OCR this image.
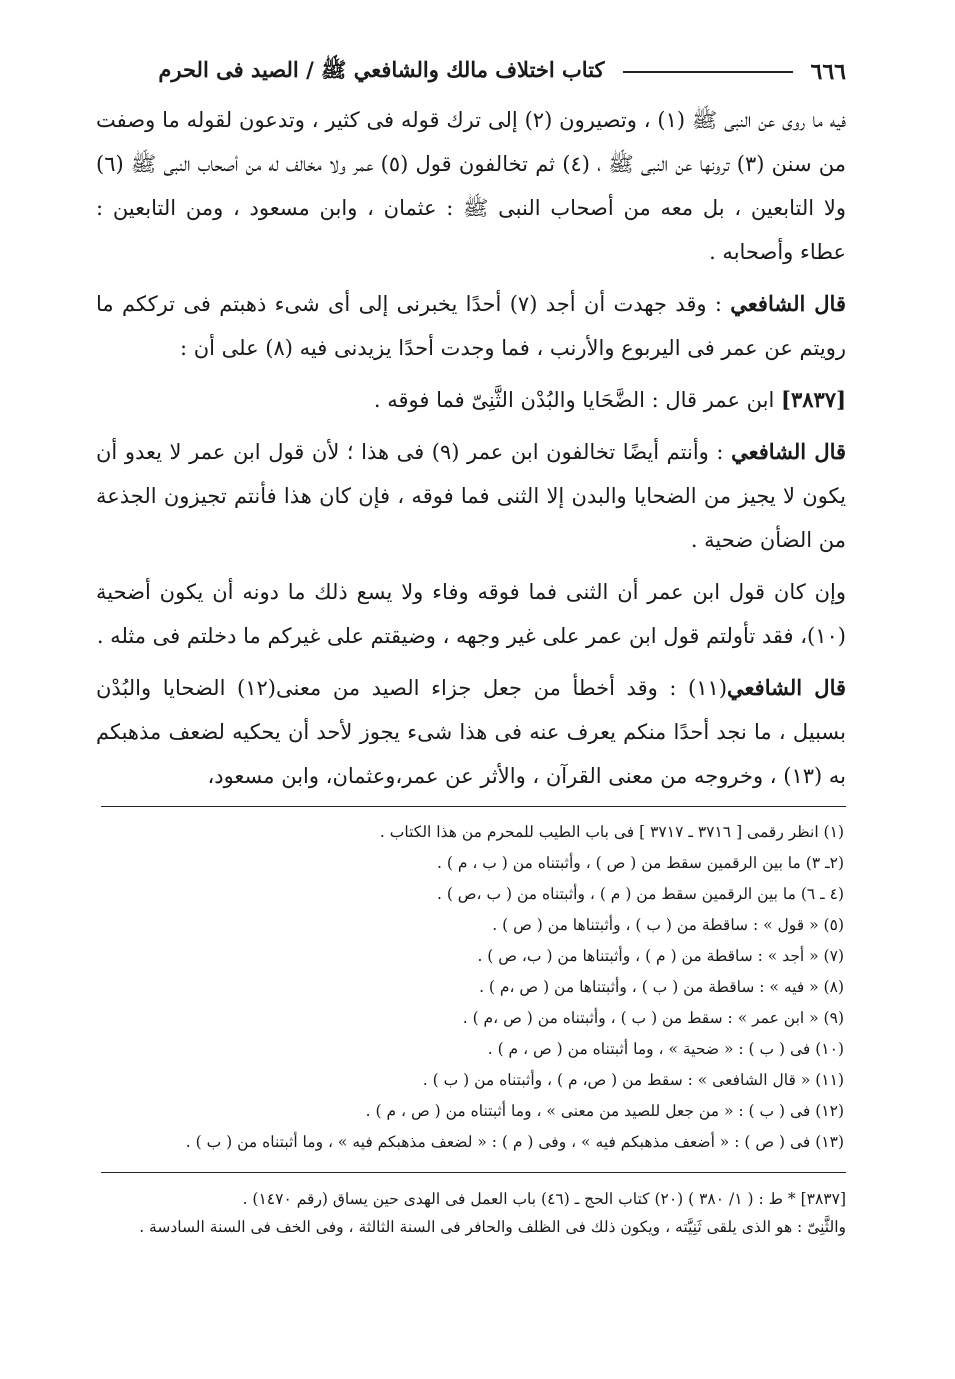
٦٦٦
كتاب اختلاف مالك والشافعي ﷺ / الصيد فى الحرم

فيه ما روى عن النبى ﷺ (١) ، وتصيرون (٢) إلى ترك قوله فى كثير ، وتدعون لقوله ما وصفت من سنن (٣) ترونها عن النبى ﷺ ، (٤) ثم تخالفون قول (٥) عمر ولا مخالف له من أصحاب النبى ﷺ (٦) ولا التابعين ، بل معه من أصحاب النبى ﷺ : عثمان ، وابن مسعود ، ومن التابعين : عطاء وأصحابه .

قال الشافعي : وقد جهدت أن أجد (٧) أحدًا يخبرنى إلى أى شىء ذهبتم فى ترككم ما رويتم عن عمر فى اليربوع والأرنب ، فما وجدت أحدًا يزيدنى فيه (٨) على أن :

[٣٨٣٧] ابن عمر قال : الضَّحَايا والبُدْن الثَّنِىّ فما فوقه .

قال الشافعي : وأنتم أيضًا تخالفون ابن عمر (٩) فى هذا ؛ لأن قول ابن عمر لا يعدو أن يكون لا يجيز من الضحايا والبدن إلا الثنى فما فوقه ، فإن كان هذا فأنتم تجيزون الجذعة من الضأن ضحية .

وإن كان قول ابن عمر أن الثنى فما فوقه وفاء ولا يسع ذلك ما دونه أن يكون أضحية (١٠)، فقد تأولتم قول ابن عمر على غير وجهه ، وضيقتم على غيركم ما دخلتم فى مثله .

قال الشافعي(١١) : وقد أخطأ من جعل جزاء الصيد من معنى(١٢) الضحايا والبُدْن بسبيل ، ما نجد أحدًا منكم يعرف عنه فى هذا شىء يجوز لأحد أن يحكيه لضعف مذهبكم به (١٣) ، وخروجه من معنى القرآن ، والأثر عن عمر،وعثمان، وابن مسعود،

(١) انظر رقمى [ ٣٧١٦ ـ ٣٧١٧ ] فى باب الطيب للمحرم من هذا الكتاب .
(٢ـ ٣) ما بين الرقمين سقط من ( ص ) ، وأثبتناه من ( ب ، م ) .
(٤ ـ ٦) ما بين الرقمين سقط من ( م ) ، وأثبتناه من ( ب ،ص ) .
(٥) « قول » : ساقطة من ( ب ) ، وأثبتناها من ( ص ) .
(٧) « أجد » : ساقطة من ( م ) ، وأثبتناها من ( ب، ص ) .
(٨) « فيه » : ساقطة من ( ب ) ، وأثبتناها من ( ص ،م ) .
(٩) « ابن عمر » : سقط من ( ب ) ، وأثبتناه من ( ص ،م ) .
(١٠) فى ( ب ) : « ضحية » ، وما أثبتناه من ( ص ، م ) .
(١١) « قال الشافعى » : سقط من ( ص، م ) ، وأثبتناه من ( ب ) .
(١٢) فى ( ب ) : « من جعل للصيد من معنى » ، وما أثبتناه من ( ص ، م ) .
(١٣) فى ( ص ) : « أضعف مذهبكم فيه » ، وفى ( م ) : « لضعف مذهبكم فيه » ، وما أثبتناه من ( ب ) .
[٣٨٣٧] * ط : ( ١/ ٣٨٠ ) (٢٠) كتاب الحج ـ (٤٦) باب العمل فى الهدى حين يساق (رقم ١٤٧٠) .
والثَّنِىّ : هو الذى يلقى ثَنِيَّته ، ويكون ذلك فى الظلف والحافر فى السنة الثالثة ، وفى الخف فى السنة السادسة .
